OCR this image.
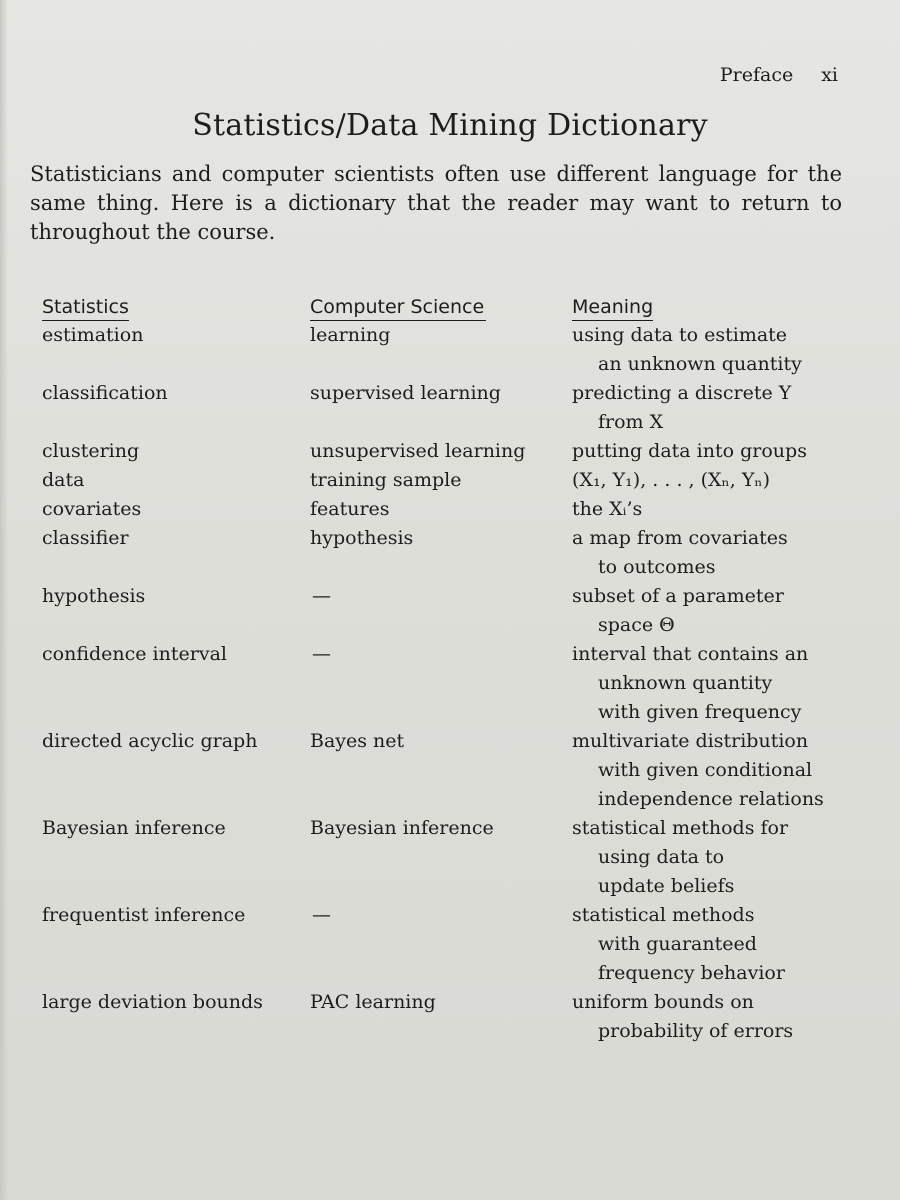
Preface xi
Statistics/Data Mining Dictionary
Statisticians and computer scientists often use different language for the
same thing. Here is a dictionary that the reader may want to return to
throughout the course.
Statistics	Computer Science	Meaning
estimation	learning	using data to estimate
an unknown quantity
classification	supervised learning	predicting a discrete Y
from X
clustering	unsupervised learning	putting data into groups
data	training sample	(X₁, Y₁), . . . , (Xₙ, Yₙ)
covariates	features	the Xᵢ’s
classifier	hypothesis	a map from covariates
to outcomes
hypothesis	—	subset of a parameter
space Θ
confidence interval	—	interval that contains an
unknown quantity
with given frequency
directed acyclic graph	Bayes net	multivariate distribution
with given conditional
independence relations
Bayesian inference	Bayesian inference	statistical methods for
using data to
update beliefs
frequentist inference	—	statistical methods
with guaranteed
frequency behavior
large deviation bounds	PAC learning	uniform bounds on
probability of errors
